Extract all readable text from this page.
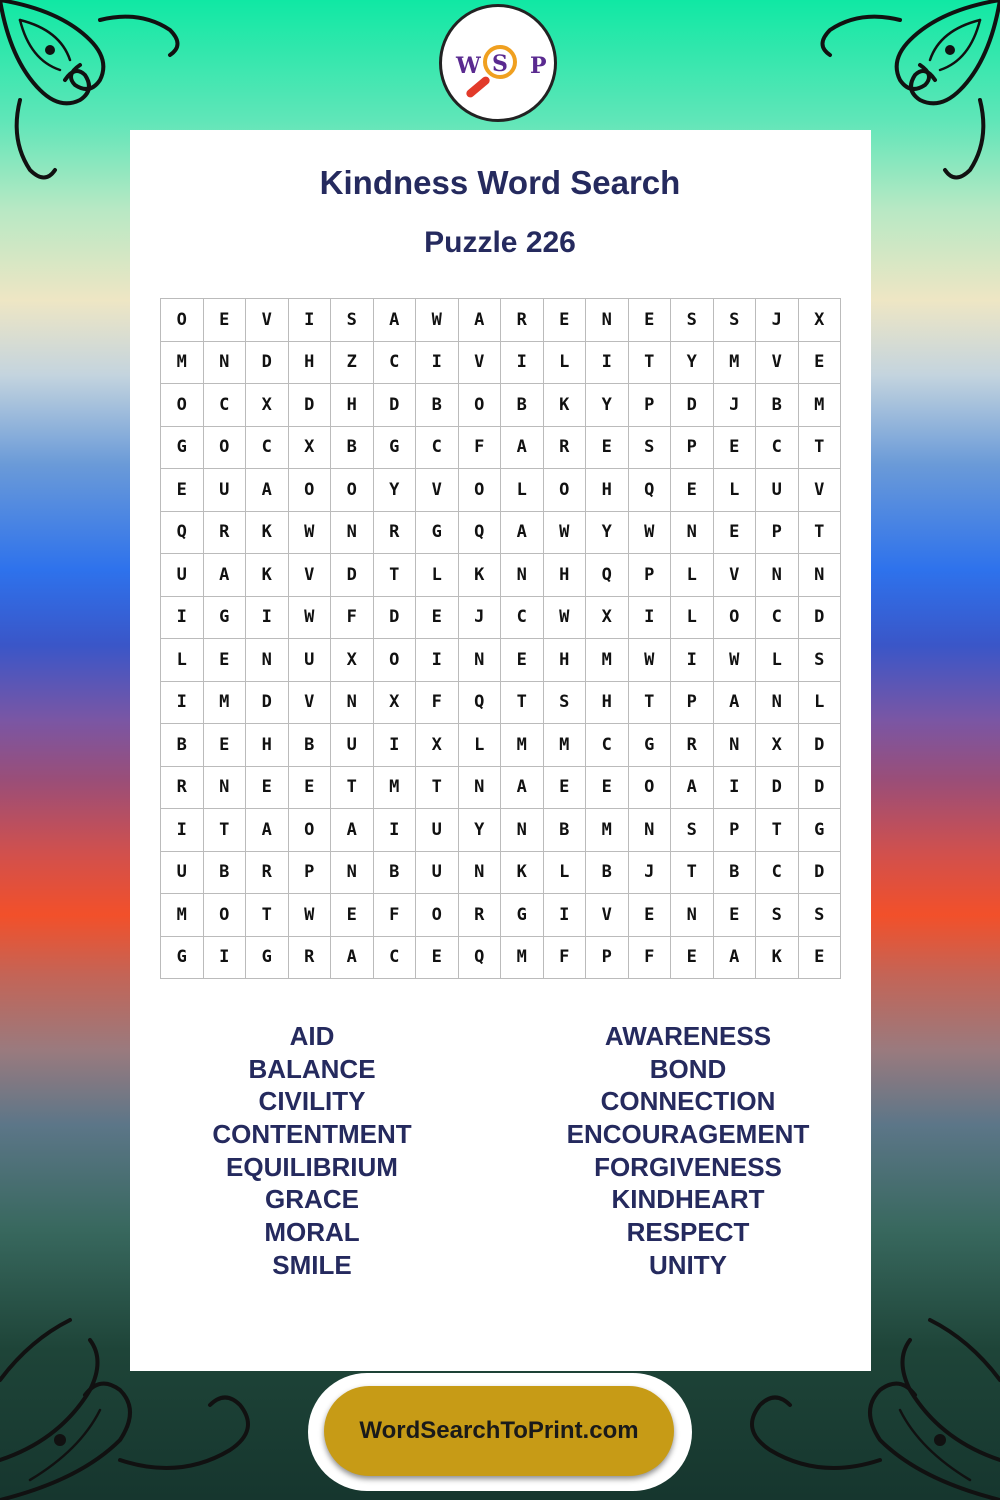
W S P
Kindness Word Search
Puzzle 226
O	E	V	I	S	A	W	A	R	E	N	E	S	S	J	X
M	N	D	H	Z	C	I	V	I	L	I	T	Y	M	V	E
O	C	X	D	H	D	B	O	B	K	Y	P	D	J	B	M
G	O	C	X	B	G	C	F	A	R	E	S	P	E	C	T
E	U	A	O	O	Y	V	O	L	O	H	Q	E	L	U	V
Q	R	K	W	N	R	G	Q	A	W	Y	W	N	E	P	T
U	A	K	V	D	T	L	K	N	H	Q	P	L	V	N	N
I	G	I	W	F	D	E	J	C	W	X	I	L	O	C	D
L	E	N	U	X	O	I	N	E	H	M	W	I	W	L	S
I	M	D	V	N	X	F	Q	T	S	H	T	P	A	N	L
B	E	H	B	U	I	X	L	M	M	C	G	R	N	X	D
R	N	E	E	T	M	T	N	A	E	E	O	A	I	D	D
I	T	A	O	A	I	U	Y	N	B	M	N	S	P	T	G
U	B	R	P	N	B	U	N	K	L	B	J	T	B	C	D
M	O	T	W	E	F	O	R	G	I	V	E	N	E	S	S
G	I	G	R	A	C	E	Q	M	F	P	F	E	A	K	E
AID
BALANCE
CIVILITY
CONTENTMENT
EQUILIBRIUM
GRACE
MORAL
SMILE
AWARENESS
BOND
CONNECTION
ENCOURAGEMENT
FORGIVENESS
KINDHEART
RESPECT
UNITY
WordSearchToPrint.com
